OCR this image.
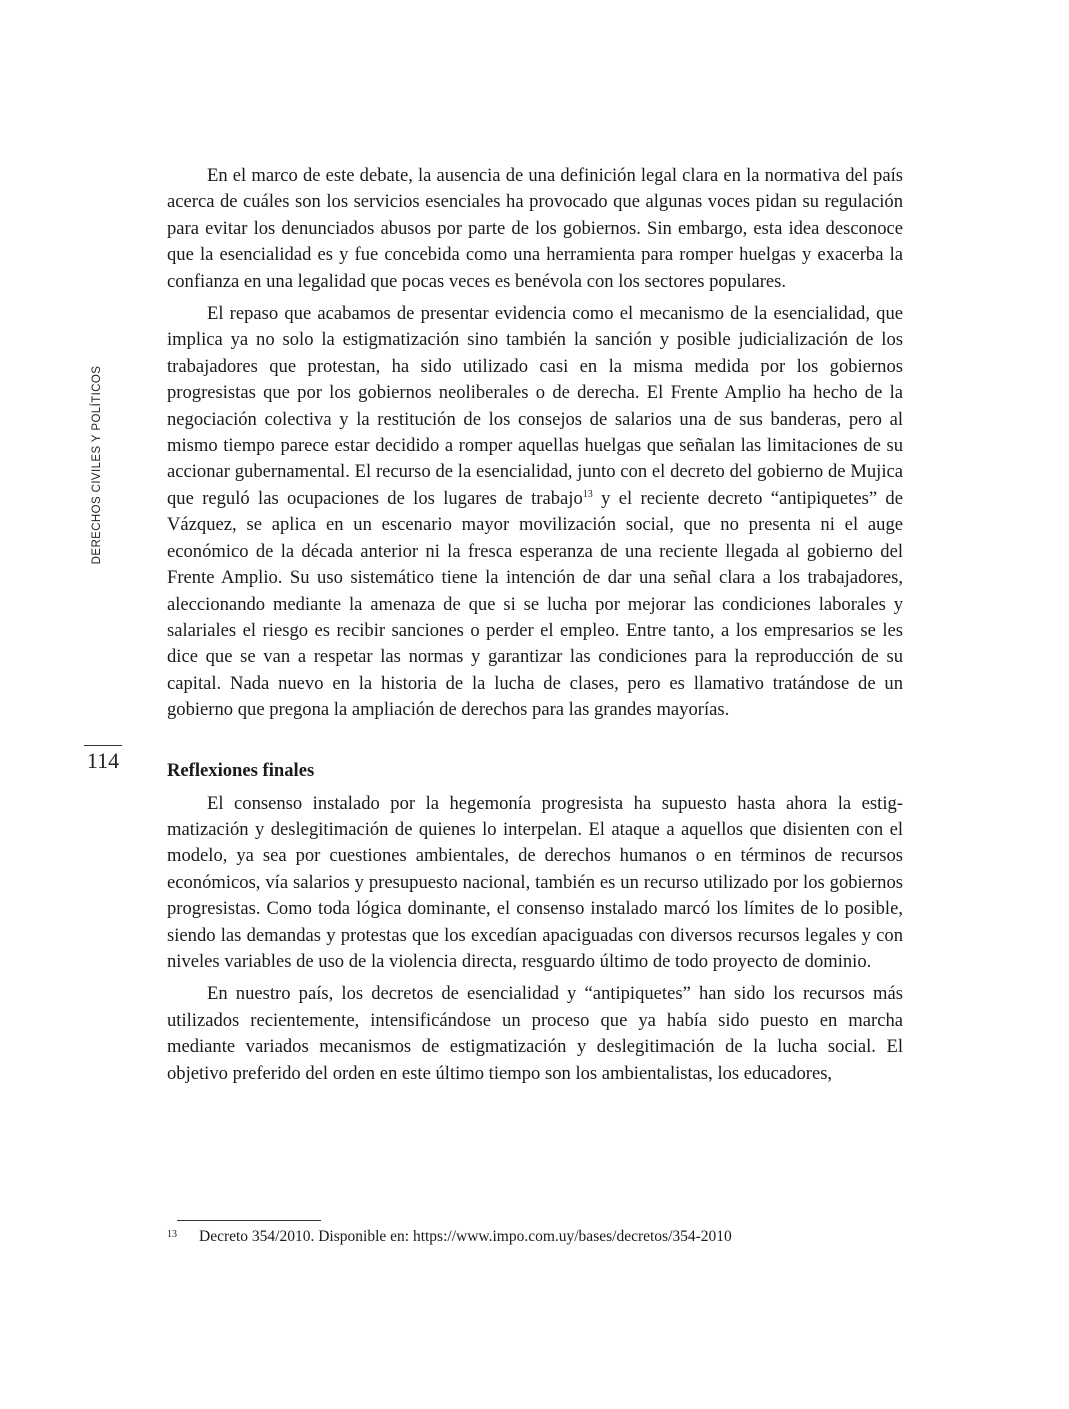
DERECHOS CIVILES Y POLÍTICOS
114

En el marco de este debate, la ausencia de una definición legal clara en la normativa del país acerca de cuáles son los servicios esenciales ha provocado que algunas voces pidan su regulación para evitar los denunciados abusos por parte de los gobiernos. Sin embargo, esta idea desconoce que la esencialidad es y fue concebida como una herramienta para romper huelgas y exacerba la confianza en una legalidad que pocas veces es benévola con los sectores populares.

El repaso que acabamos de presentar evidencia como el mecanismo de la esencialidad, que implica ya no solo la estigmatización sino también la sanción y posible judicialización de los trabajadores que protestan, ha sido utilizado casi en la misma medida por los gobiernos progresistas que por los gobiernos neoliberales o de derecha. El Frente Amplio ha hecho de la negociación colectiva y la restitución de los consejos de salarios una de sus banderas, pero al mismo tiempo parece estar decidido a romper aquellas huelgas que señalan las limitaciones de su accionar gubernamental. El recurso de la esencialidad, junto con el decreto del gobierno de Mujica que reguló las ocupaciones de los lugares de trabajo$^{13}$ y el reciente decreto “antipiquetes” de Vázquez, se aplica en un escenario mayor movilización social, que no presenta ni el auge económico de la década anterior ni la fresca esperanza de una reciente llegada al gobierno del Frente Amplio. Su uso sistemático tiene la intención de dar una señal clara a los trabajadores, aleccionando mediante la amenaza de que si se lucha por mejorar las condiciones laborales y salariales el riesgo es recibir sanciones o perder el empleo. Entre tanto, a los empresarios se les dice que se van a respetar las normas y garantizar las condiciones para la reproducción de su capital. Nada nuevo en la historia de la lucha de clases, pero es llamativo tratándose de un gobierno que pregona la ampliación de derechos para las grandes mayorías.

Reflexiones finales

El consenso instalado por la hegemonía progresista ha supuesto hasta ahora la estigmatización y deslegitimación de quienes lo interpelan. El ataque a aquellos que disienten con el modelo, ya sea por cuestiones ambientales, de derechos humanos o en términos de recursos económicos, vía salarios y presupuesto nacional, también es un recurso utilizado por los gobiernos progresistas. Como toda lógica dominante, el consenso instalado marcó los límites de lo posible, siendo las demandas y protestas que los excedían apaciguadas con diversos recursos legales y con niveles variables de uso de la violencia directa, resguardo último de todo proyecto de dominio.

En nuestro país, los decretos de esencialidad y “antipiquetes” han sido los recursos más utilizados recientemente, intensificándose un proceso que ya había sido puesto en marcha mediante variados mecanismos de estigmatización y deslegitimación de la lucha social. El objetivo preferido del orden en este último tiempo son los ambientalistas, los educadores,

13 Decreto 354/2010. Disponible en: https://www.impo.com.uy/bases/decretos/354-2010
